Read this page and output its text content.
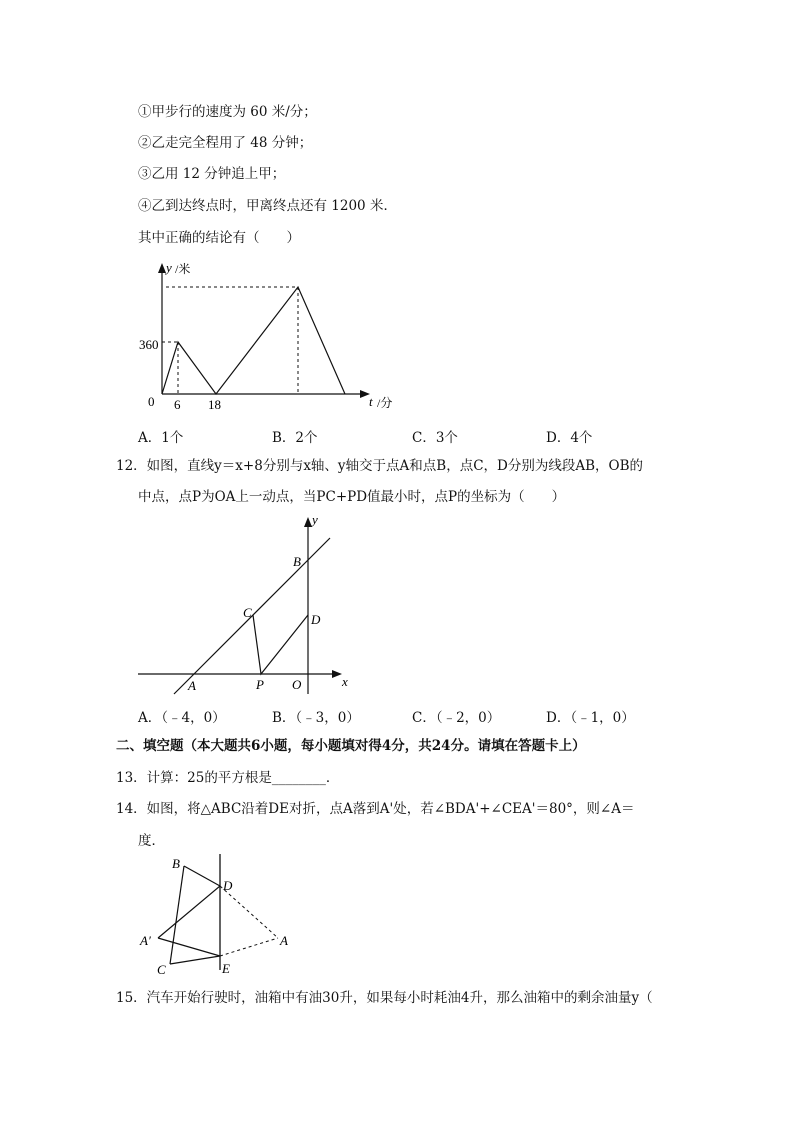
①甲步行的速度为 60 米/分；
②乙走完全程用了 48 分钟；
③乙用 12 分钟追上甲；
④乙到达终点时，甲离终点还有 1200 米．
其中正确的结论有（　　）
y /米
360
0 6 18	t /分
A．1个	B．2个	C．3个	D．4个
12．如图，直线y＝x+8分别与x轴、y轴交于点A和点B，点C，D分别为线段AB，OB的
中点，点P为OA上一动点，当PC+PD值最小时，点P的坐标为（　　）
y
B
C	D
A	P O	x
A．（﹣4，0）	B．（﹣3，0）	C．（﹣2，0）	D．（﹣1，0）
二、填空题（本大题共6小题，每小题填对得4分，共24分。请填在答题卡上）
13．计算：25的平方根是________．
14．如图，将△ABC沿着DE对折，点A落到A'处，若∠BDA'+∠CEA'＝80°，则∠A＝
度．
B
D
A′	A
C	E
15．汽车开始行驶时，油箱中有油30升，如果每小时耗油4升，那么油箱中的剩余油量y（
